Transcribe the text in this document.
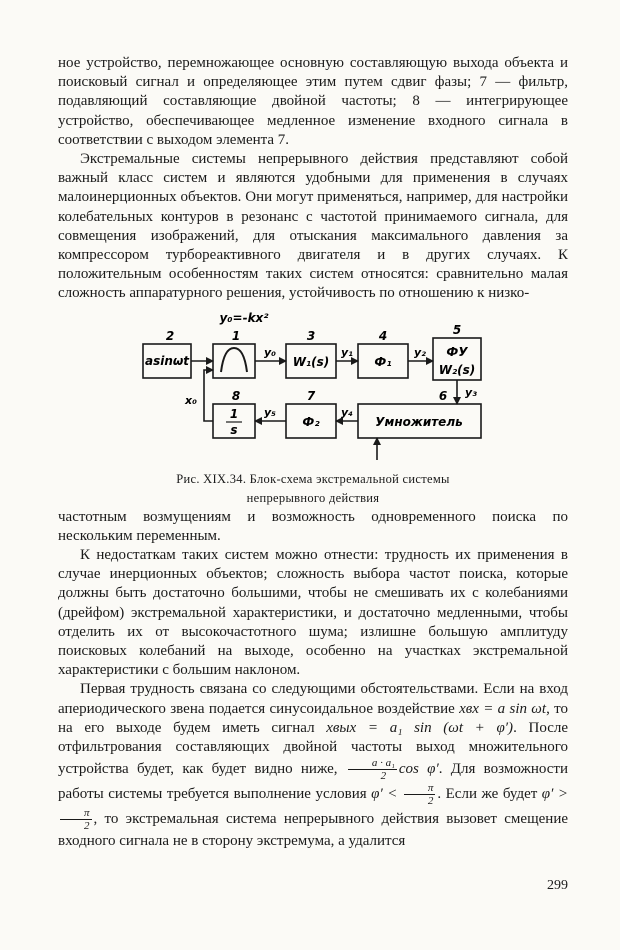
ное устройство, перемножающее основную составляющую выхода объекта и поисковый сигнал и определяющее этим путем сдвиг фазы; 7 — фильтр, подавляющий составляющие двойной частоты; 8 — интегрирующее устройство, обеспечивающее медленное изменение входного сигнала в соответствии с выходом элемента 7.

Экстремальные системы непрерывного действия представляют собой важный класс систем и являются удобными для применения в случаях малоинерционных объектов. Они могут применяться, например, для настройки колебательных контуров в резонанс с частотой принимаемого сигнала, для совмещения изображений, для отыскания максимального давления за компрессором турбореактивного двигателя и в других случаях. К положительным особенностям таких систем относятся: сравнительно малая сложность аппаратурного решения, устойчивость по отношению к низко-

asinωt	W₁(s)	Ф₁
ФУ
W₂(s)
1
s
Ф₂	Умножитель
2	1	3	4	5
8	7	6
y₀=-kx²
y₀	y₁	y₂
y₃
y₄
y₅
x₀
Рис. XIX.34. Блок-схема экстремальной системы
непрерывного действия

частотным возмущениям и возможность одновременного поиска по нескольким переменным.

К недостаткам таких систем можно отнести: трудность их применения в случае инерционных объектов; сложность выбора частот поиска, которые должны быть достаточно большими, чтобы не смешивать их с колебаниями (дрейфом) экстремальной характеристики, и достаточно медленными, чтобы отделить их от высокочастотного шума; излишне большую амплитуду поисковых колебаний на выходе, особенно на участках экстремальной характеристики с большим наклоном.

Первая трудность связана со следующими обстоятельствами. Если на вход апериодического звена подается синусоидальное воздействие xвх = a sin ωt, то на его выходе будем иметь сигнал xвых = a₁ sin (ωt + φ′). После отфильтрования составляющих двойной частоты выход множительного устройства будет, как будет видно ниже, $\frac{\text{a · a₁}}{2}$ cos φ′. Для возможности работы системы требуется выполнение условия $\varphi' < \frac{\pi}{2}$ . Если же будет φ′ >
$\frac{\pi}{2}$ , то экстремальная система непрерывного действия вызовет смещение входного сигнала не в сторону экстремума, а удалится

299
